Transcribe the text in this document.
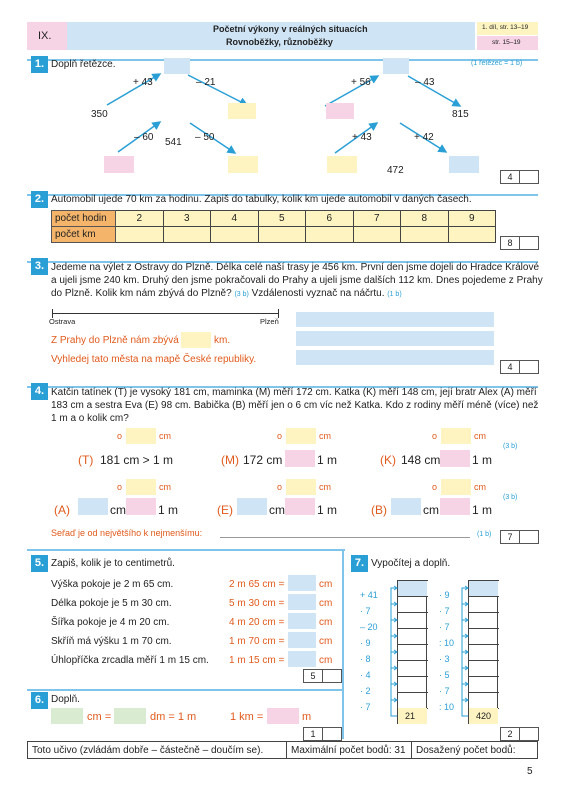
IX.
Početní výkony v reálných situacích
Rovnoběžky, různoběžky
1. díl, str. 13–19
str. 15–19
1. Doplň řetězce.	(1 řetězec = 1 b)
+ 43	– 21
350
+ 56	– 43
815
– 60	– 50
541	+ 43	+ 42
472
4
2. Automobil ujede 70 km za hodinu. Zapiš do tabulky, kolik km ujede automobil v daných časech.
počet hodin	2	3	4	5	6	7	8	9
počet km								
8
3. Jedeme na výlet z Ostravy do Plzně. Délka celé naší trasy je 456 km. První den jsme dojeli do Hradce Králové
a ujeli jsme 240 km. Druhý den jsme pokračovali do Prahy a ujeli jsme dalších 112 km. Dnes pojedeme z Prahy
do Plzně. Kolik km nám zbývá do Plzně? (3 b) Vzdálenosti vyznač na náčrtu. (1 b)
Ostrava	Plzeň
Z Prahy do Plzně nám zbývá	km.
Vyhledej tato města na mapě České republiky.
4
4. Katčin tatínek (T) je vysoký 181 cm, maminka (M) měří 172 cm. Katka (K) měří 148 cm, její bratr Alex (A) měří
183 cm a sestra Eva (E) 98 cm. Babička (B) měří jen o 6 cm víc než Katka. Kdo z rodiny měří méně (více) než
1 m a o kolik cm?
o	cm
(T) 181 cm > 1 m
o	cm
(M) 172 cm	1 m
o	cm
(K) 148 cm	1 m
(3 b)
o	cm
(A)	cm	1 m
o	cm
(E)	cm	1 m
o	cm
(B)	cm	1 m
(3 b)
Seřaď je od největšího k nejmenšímu:	(1 b)	7
5. Zapiš, kolik je to centimetrů.
Výška pokoje je 2 m 65 cm.	2 m 65 cm =	cm
Délka pokoje je 5 m 30 cm.	5 m 30 cm =	cm
Šířka pokoje je 4 m 20 cm.	4 m 20 cm =	cm
Skříň má výšku 1 m 70 cm.	1 m 70 cm =	cm
Úhlopříčka zrcadla měří 1 m 15 cm. 1 m 15 cm =	cm
5
6. Doplň.
cm =	dm = 1 m	1 km =	m
1
7. Vypočítej a doplň.
21
+ 41
· 7
– 20
· 9
· 8
· 4
· 2
· 7
420
· 9
· 7
· 7
: 10
· 3
· 5
· 7
: 10
2
Toto učivo (zvládám dobře – částečně – doučím se).	Maximální počet bodů: 31 Dosažený počet bodů:
5
